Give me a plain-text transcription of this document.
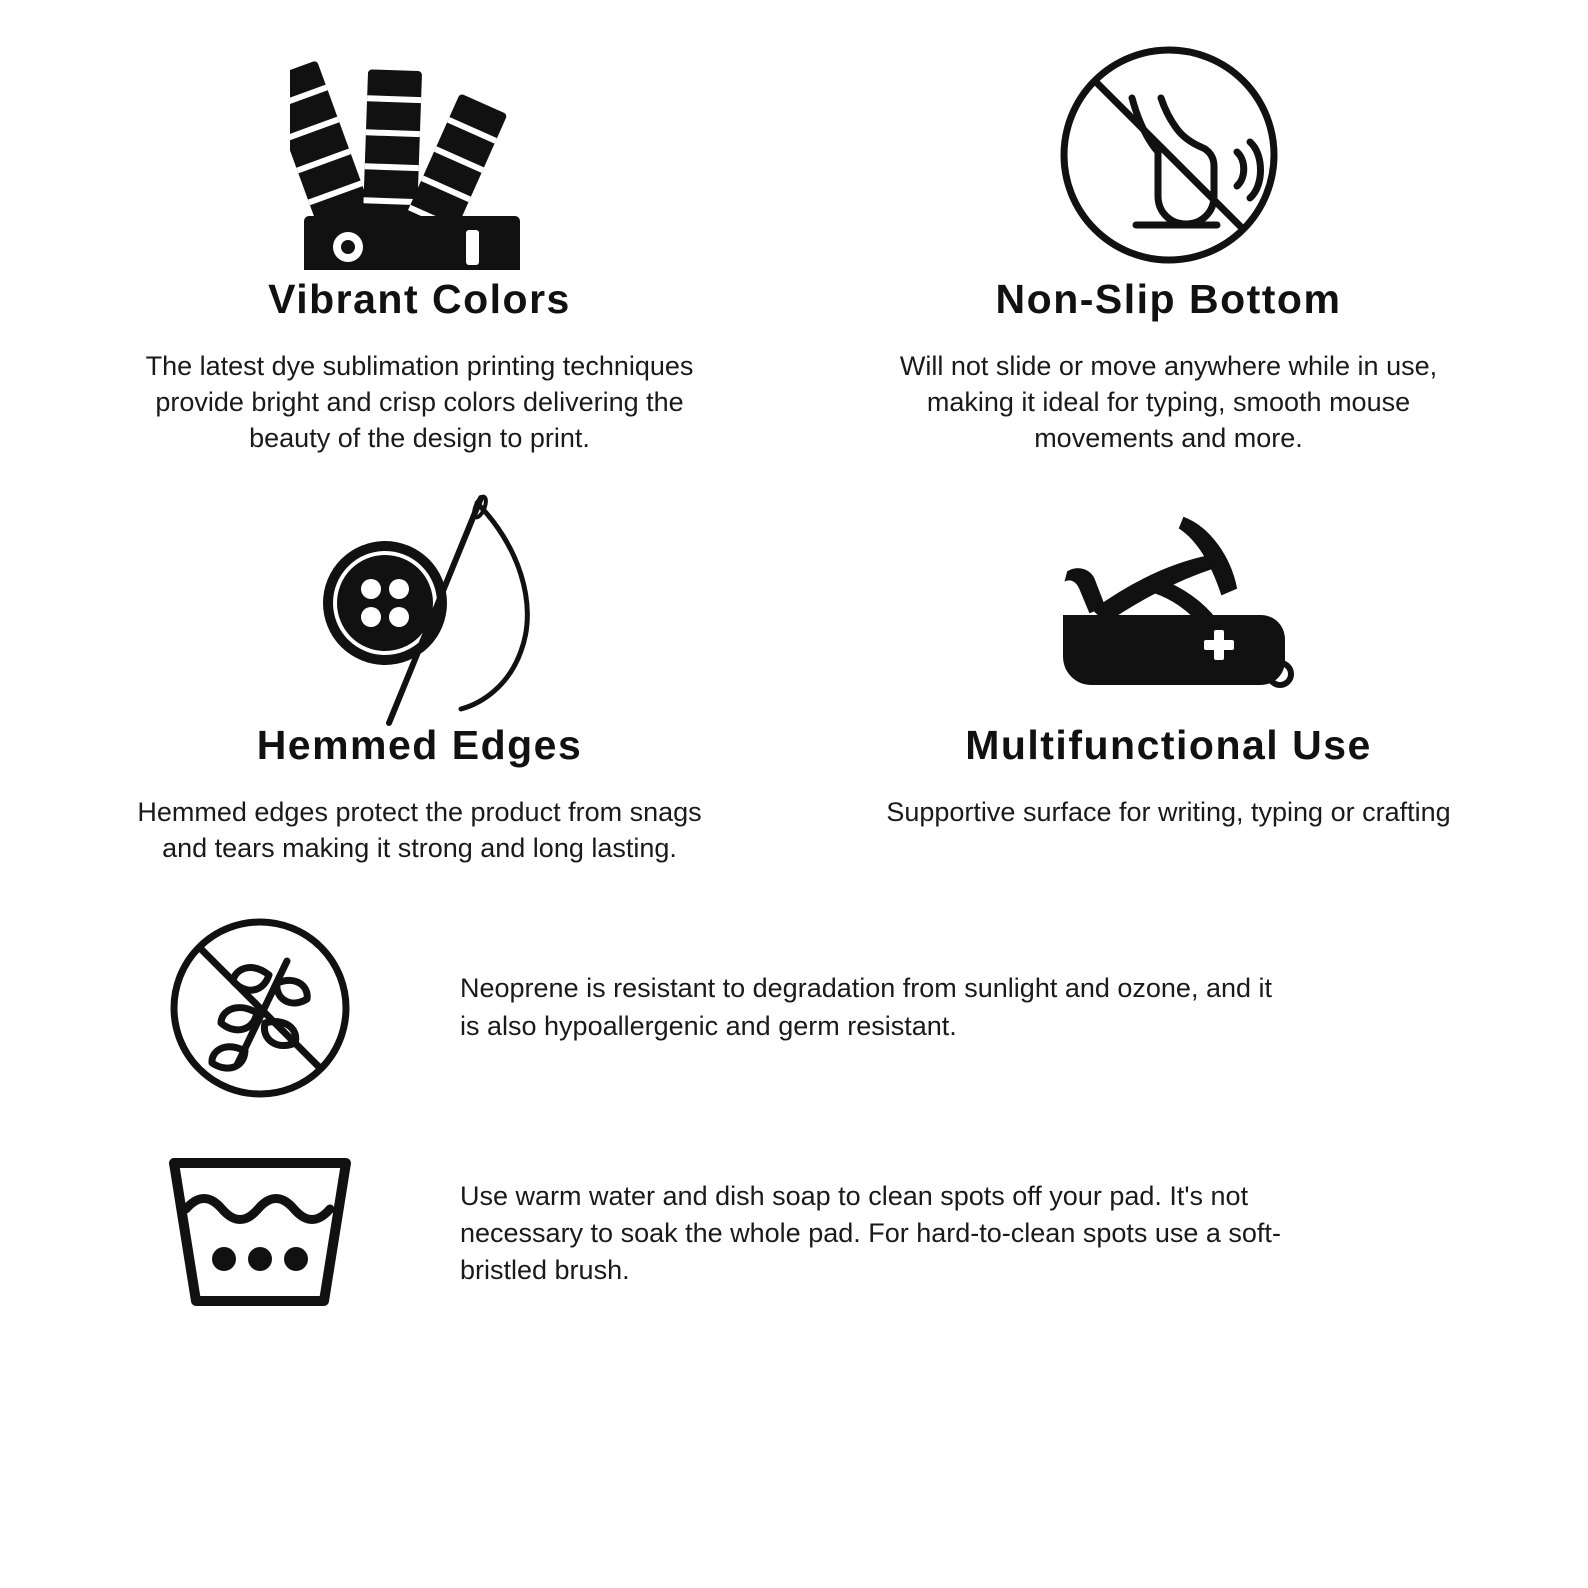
Vibrant Colors
The latest dye sublimation printing techniques provide bright and crisp colors delivering the beauty of the design to print.
Non-Slip Bottom
Will not slide or move anywhere while in use, making it ideal for typing, smooth mouse movements and more.
Hemmed Edges
Hemmed edges protect the product from snags and tears making it strong and long lasting.
Multifunctional Use
Supportive surface for writing, typing or crafting
Neoprene is resistant to degradation from sunlight and ozone, and it is also hypoallergenic and germ resistant.
Use warm water and dish soap to clean spots off your pad. It's not necessary to soak the whole pad. For hard-to-clean spots use a soft-bristled brush.
